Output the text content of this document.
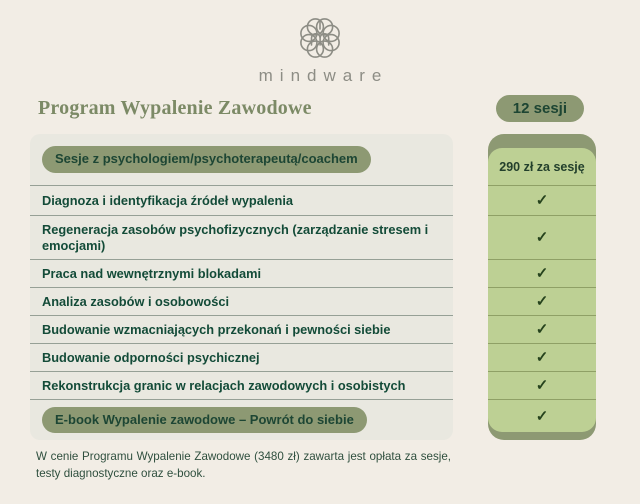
mindware
Program Wypalenie Zawodowe	12 sesji
Sesje z psychologiem/psychoterapeutą/coachem
Diagnoza i identyfikacja źródeł wypalenia
Regeneracja zasobów psychofizycznych (zarządzanie stresem i emocjami)
Praca nad wewnętrznymi blokadami
Analiza zasobów i osobowości
Budowanie wzmacniających przekonań i pewności siebie
Budowanie odporności psychicznej
Rekonstrukcja granic w relacjach zawodowych i osobistych
E-book Wypalenie zawodowe – Powrót do siebie
290 zł za sesję
✓
✓
✓
✓
✓
✓
✓
✓
W cenie Programu Wypalenie Zawodowe (3480 zł) zawarta jest opłata za sesje, testy diagnostyczne oraz e-book.
